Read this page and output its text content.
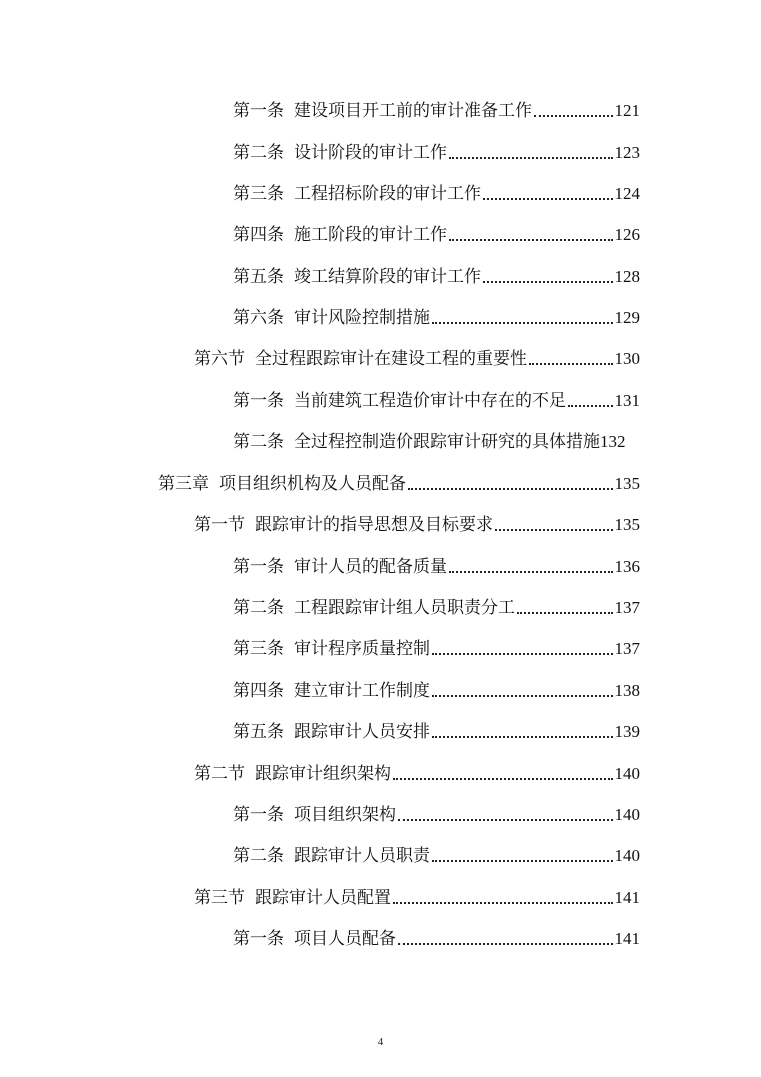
第一条 建设项目开工前的审计准备工作	121
第二条 设计阶段的审计工作	123
第三条 工程招标阶段的审计工作	124
第四条 施工阶段的审计工作	126
第五条 竣工结算阶段的审计工作	128
第六条 审计风险控制措施	129
第六节 全过程跟踪审计在建设工程的重要性	130
第一条 当前建筑工程造价审计中存在的不足	131
第二条 全过程控制造价跟踪审计研究的具体措施 132
第三章 项目组织机构及人员配备	135
第一节 跟踪审计的指导思想及目标要求	135
第一条 审计人员的配备质量	136
第二条 工程跟踪审计组人员职责分工	137
第三条 审计程序质量控制	137
第四条 建立审计工作制度	138
第五条 跟踪审计人员安排	139
第二节 跟踪审计组织架构	140
第一条 项目组织架构	140
第二条 跟踪审计人员职责	140
第三节 跟踪审计人员配置	141
第一条 项目人员配备	141
4
